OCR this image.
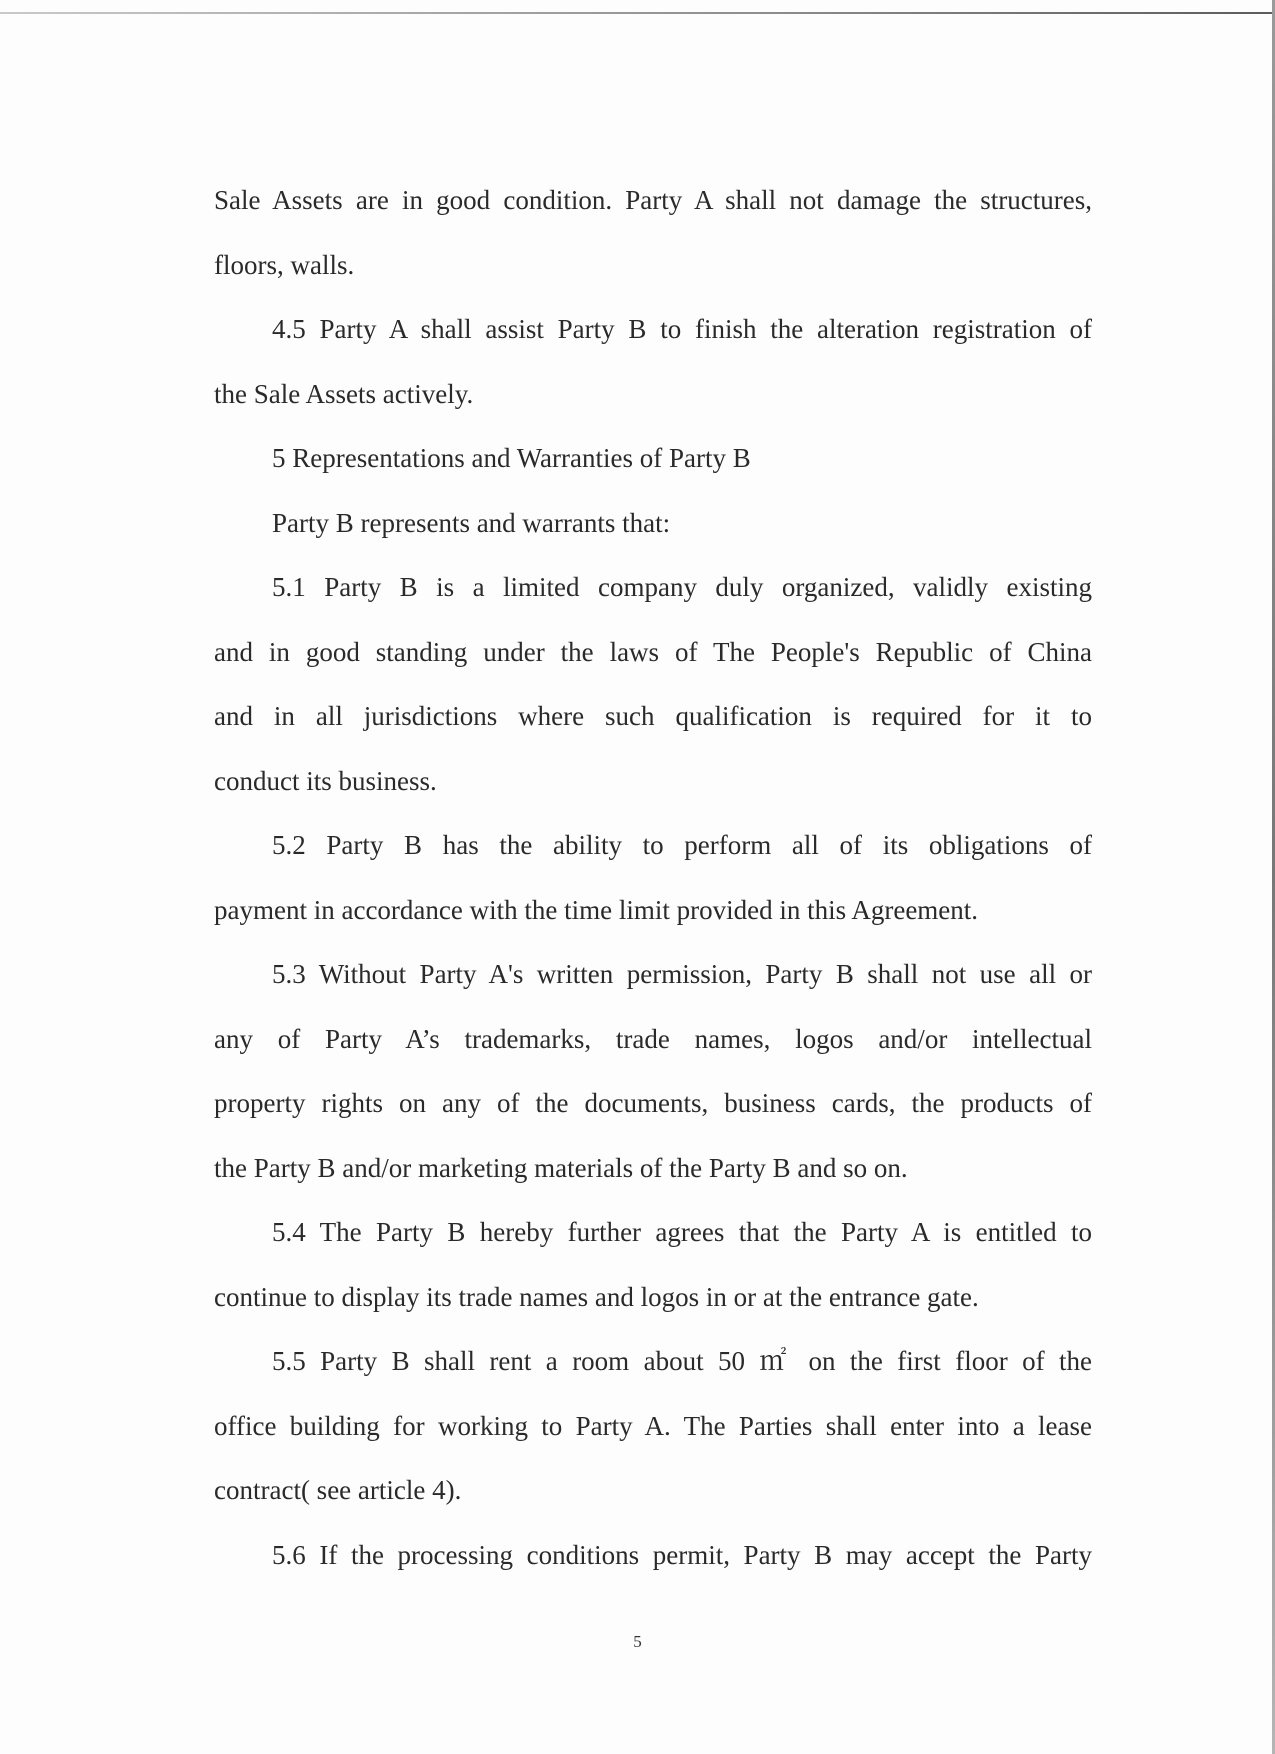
Sale Assets are in good condition. Party A shall not damage the structures,
floors, walls.
4.5 Party A shall assist Party B to finish the alteration registration of
the Sale Assets actively.
5 Representations and Warranties of Party B
Party B represents and warrants that:
5.1 Party B is a limited company duly organized, validly existing
and in good standing under the laws of The People's Republic of China
and in all jurisdictions where such qualification is required for it to
conduct its business.
5.2 Party B has the ability to perform all of its obligations of
payment in accordance with the time limit provided in this Agreement.
5.3 Without Party A's written permission, Party B shall not use all or
any of Party A’s trademarks, trade names, logos and/or intellectual
property rights on any of the documents, business cards, the products of
the Party B and/or marketing materials of the Party B and so on.
5.4 The Party B hereby further agrees that the Party A is entitled to
continue to display its trade names and logos in or at the entrance gate.
5.5 Party B shall rent a room about 50 ㎡ on the first floor of the
office building for working to Party A. The Parties shall enter into a lease
contract( see article 4).
5.6 If the processing conditions permit, Party B may accept the Party
5
